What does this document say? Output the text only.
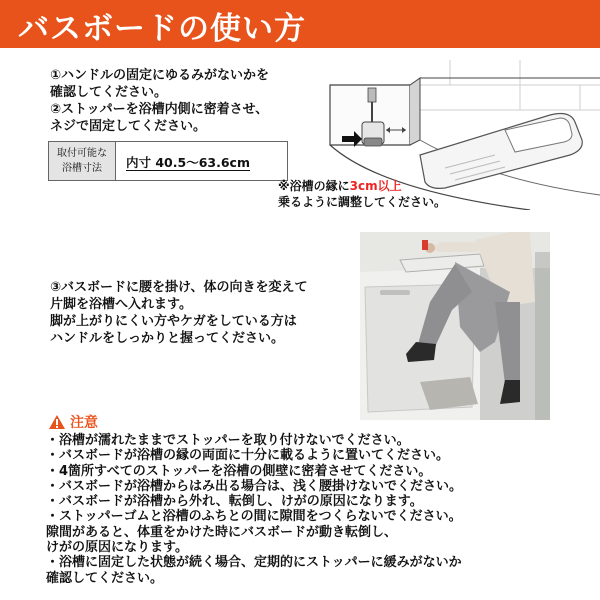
バスボードの使い方
①ハンドルの固定にゆるみがないかを
確認してください。
②ストッパーを浴槽内側に密着させ、
ネジで固定してください。
取付可能な
浴槽寸法	内寸 40.5〜63.6cm
※浴槽の縁に3cm以上
乗るように調整してください。
③バスボードに腰を掛け、体の向きを変えて
片脚を浴槽へ入れます。
脚が上がりにくい方やケガをしている方は
ハンドルをしっかりと握ってください。
注意
・浴槽が濡れたままでストッパーを取り付けないでください。
・バスボードが浴槽の縁の両面に十分に載るように置いてください。
・4箇所すべてのストッパーを浴槽の側壁に密着させてください。
・バスボードが浴槽からはみ出る場合は、浅く腰掛けないでください。
・バスボードが浴槽から外れ、転倒し、けがの原因になります。
・ストッパーゴムと浴槽のふちとの間に隙間をつくらないでください。
隙間があると、体重をかけた時にバスボードが動き転倒し、
けがの原因になります。
・浴槽に固定した状態が続く場合、定期的にストッパーに緩みがないか
確認してください。
